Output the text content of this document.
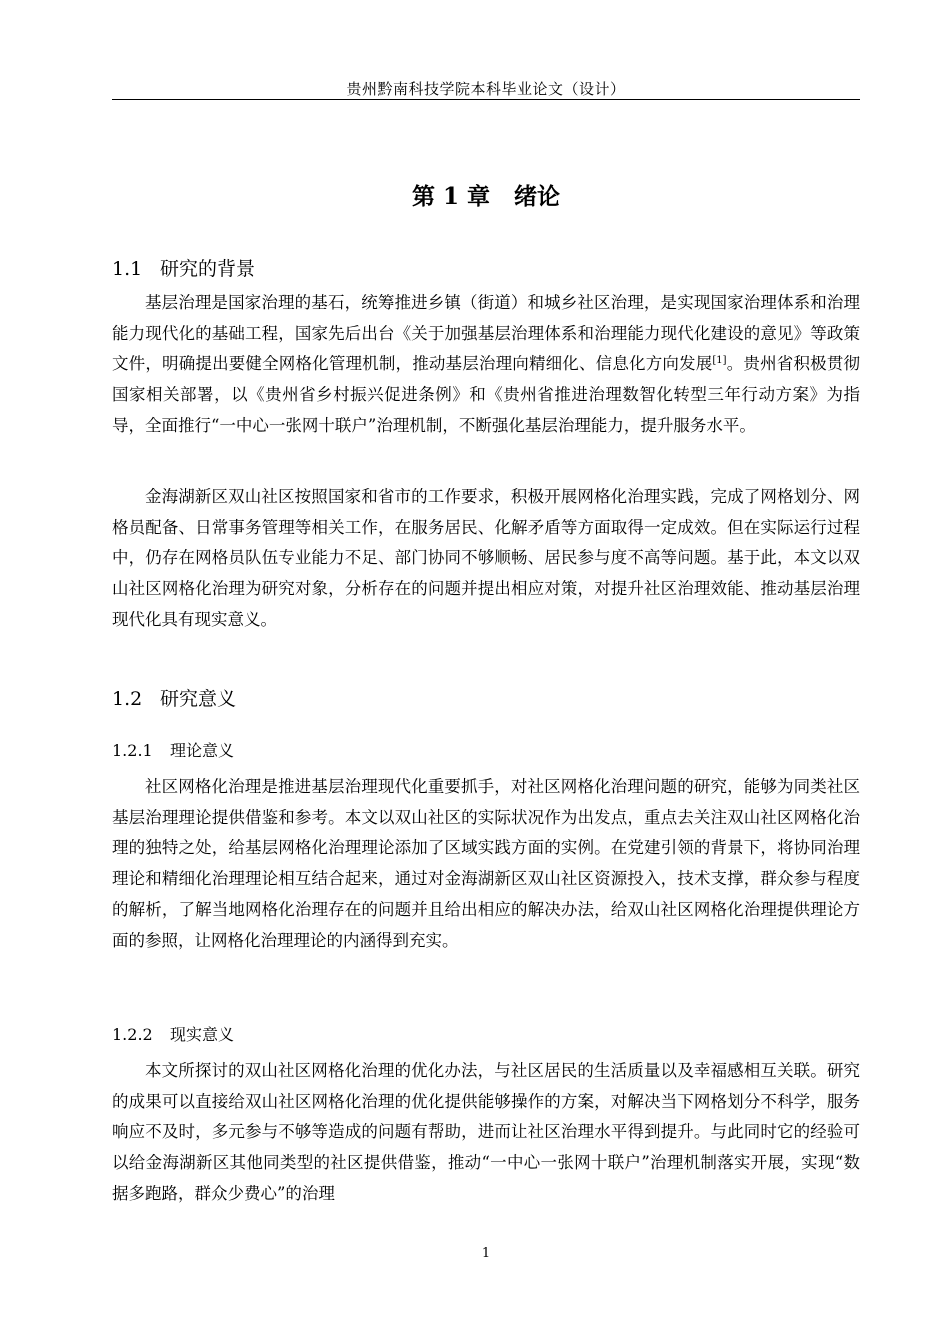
贵州黔南科技学院本科毕业论文（设计）
第 1 章 绪论
1.1 研究的背景

基层治理是国家治理的基石，统筹推进乡镇（街道）和城乡社区治理，是实现国家治理体系和治理能力现代化的基础工程，国家先后出台《关于加强基层治理体系和治理能力现代化建设的意见》等政策文件，明确提出要健全网格化管理机制，推动基层治理向精细化、信息化方向发展[1]。贵州省积极贯彻国家相关部署，以《贵州省乡村振兴促进条例》和《贵州省推进治理数智化转型三年行动方案》为指导，全面推行“一中心一张网十联户”治理机制，不断强化基层治理能力，提升服务水平。

金海湖新区双山社区按照国家和省市的工作要求，积极开展网格化治理实践，完成了网格划分、网格员配备、日常事务管理等相关工作，在服务居民、化解矛盾等方面取得一定成效。但在实际运行过程中，仍存在网格员队伍专业能力不足、部门协同不够顺畅、居民参与度不高等问题。基于此，本文以双山社区网格化治理为研究对象，分析存在的问题并提出相应对策，对提升社区治理效能、推动基层治理现代化具有现实意义。

1.2 研究意义
1.2.1 理论意义

社区网格化治理是推进基层治理现代化重要抓手，对社区网格化治理问题的研究，能够为同类社区基层治理理论提供借鉴和参考。本文以双山社区的实际状况作为出发点，重点去关注双山社区网格化治理的独特之处，给基层网格化治理理论添加了区域实践方面的实例。在党建引领的背景下，将协同治理理论和精细化治理理论相互结合起来，通过对金海湖新区双山社区资源投入，技术支撑，群众参与程度的解析，了解当地网格化治理存在的问题并且给出相应的解决办法，给双山社区网格化治理提供理论方面的参照，让网格化治理理论的内涵得到充实。

1.2.2 现实意义

本文所探讨的双山社区网格化治理的优化办法，与社区居民的生活质量以及幸福感相互关联。研究的成果可以直接给双山社区网格化治理的优化提供能够操作的方案，对解决当下网格划分不科学，服务响应不及时，多元参与不够等造成的问题有帮助，进而让社区治理水平得到提升。与此同时它的经验可以给金海湖新区其他同类型的社区提供借鉴，推动“一中心一张网十联户”治理机制落实开展，实现“数据多跑路，群众少费心”的治理

1
